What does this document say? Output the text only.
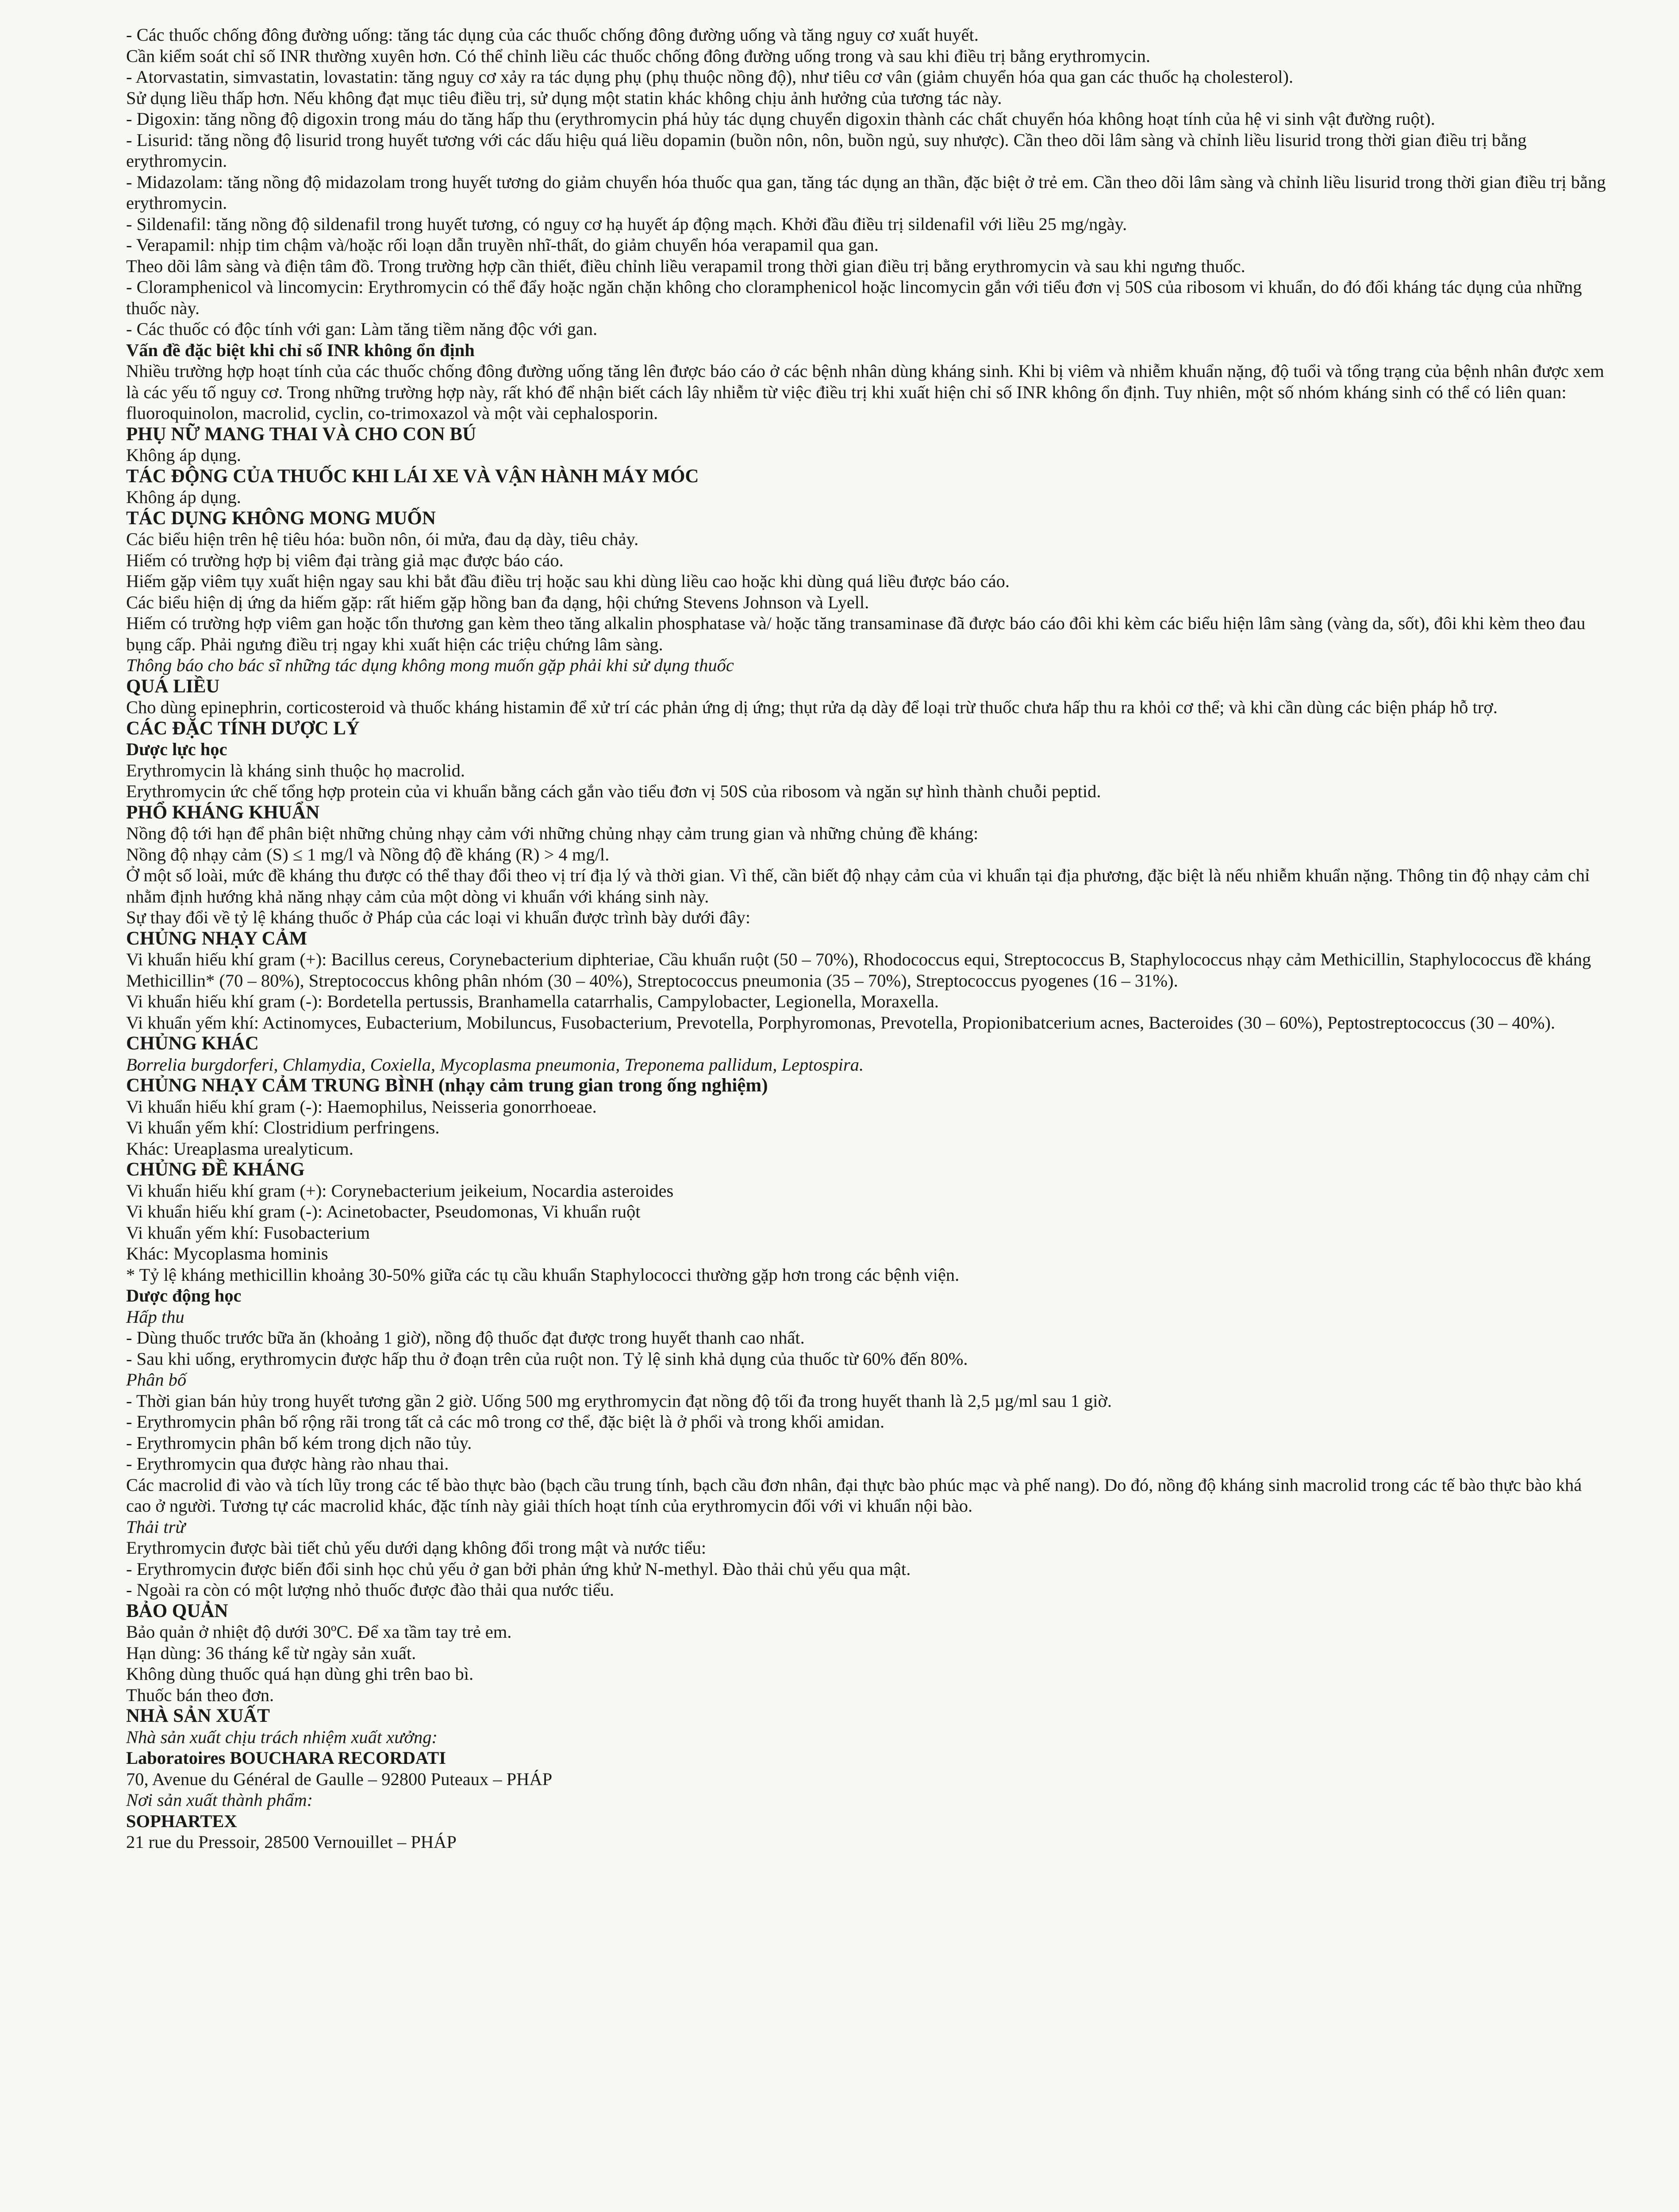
- Các thuốc chống đông đường uống: tăng tác dụng của các thuốc chống đông đường uống và tăng nguy cơ xuất huyết.

Cần kiểm soát chỉ số INR thường xuyên hơn. Có thể chỉnh liều các thuốc chống đông đường uống trong và sau khi điều trị bằng erythromycin.

- Atorvastatin, simvastatin, lovastatin: tăng nguy cơ xảy ra tác dụng phụ (phụ thuộc nồng độ), như tiêu cơ vân (giảm chuyển hóa qua gan các thuốc hạ cholesterol).

Sử dụng liều thấp hơn. Nếu không đạt mục tiêu điều trị, sử dụng một statin khác không chịu ảnh hưởng của tương tác này.

- Digoxin: tăng nồng độ digoxin trong máu do tăng hấp thu (erythromycin phá hủy tác dụng chuyển digoxin thành các chất chuyển hóa không hoạt tính của hệ vi sinh vật đường ruột).

- Lisurid: tăng nồng độ lisurid trong huyết tương với các dấu hiệu quá liều dopamin (buồn nôn, nôn, buồn ngủ, suy nhược). Cần theo dõi lâm sàng và chỉnh liều lisurid trong thời gian điều trị bằng erythromycin.

- Midazolam: tăng nồng độ midazolam trong huyết tương do giảm chuyển hóa thuốc qua gan, tăng tác dụng an thần, đặc biệt ở trẻ em. Cần theo dõi lâm sàng và chỉnh liều lisurid trong thời gian điều trị bằng erythromycin.

- Sildenafil: tăng nồng độ sildenafil trong huyết tương, có nguy cơ hạ huyết áp động mạch. Khởi đầu điều trị sildenafil với liều 25 mg/ngày.

- Verapamil: nhịp tim chậm và/hoặc rối loạn dẫn truyền nhĩ-thất, do giảm chuyển hóa verapamil qua gan.

Theo dõi lâm sàng và điện tâm đồ. Trong trường hợp cần thiết, điều chỉnh liều verapamil trong thời gian điều trị bằng erythromycin và sau khi ngưng thuốc.

- Cloramphenicol và lincomycin: Erythromycin có thể đẩy hoặc ngăn chặn không cho cloramphenicol hoặc lincomycin gắn với tiểu đơn vị 50S của ribosom vi khuẩn, do đó đối kháng tác dụng của những thuốc này.

- Các thuốc có độc tính với gan: Làm tăng tiềm năng độc với gan.

Vấn đề đặc biệt khi chỉ số INR không ổn định

Nhiều trường hợp hoạt tính của các thuốc chống đông đường uống tăng lên được báo cáo ở các bệnh nhân dùng kháng sinh. Khi bị viêm và nhiễm khuẩn nặng, độ tuổi và tổng trạng của bệnh nhân được xem là các yếu tố nguy cơ. Trong những trường hợp này, rất khó để nhận biết cách lây nhiễm từ việc điều trị khi xuất hiện chỉ số INR không ổn định. Tuy nhiên, một số nhóm kháng sinh có thể có liên quan: fluoroquinolon, macrolid, cyclin, co-trimoxazol và một vài cephalosporin.

PHỤ NỮ MANG THAI VÀ CHO CON BÚ

Không áp dụng.

TÁC ĐỘNG CỦA THUỐC KHI LÁI XE VÀ VẬN HÀNH MÁY MÓC

Không áp dụng.

TÁC DỤNG KHÔNG MONG MUỐN

Các biểu hiện trên hệ tiêu hóa: buồn nôn, ói mửa, đau dạ dày, tiêu chảy.

Hiếm có trường hợp bị viêm đại tràng giả mạc được báo cáo.

Hiếm gặp viêm tụy xuất hiện ngay sau khi bắt đầu điều trị hoặc sau khi dùng liều cao hoặc khi dùng quá liều được báo cáo.

Các biểu hiện dị ứng da hiếm gặp: rất hiếm gặp hồng ban đa dạng, hội chứng Stevens Johnson và Lyell.

Hiếm có trường hợp viêm gan hoặc tổn thương gan kèm theo tăng alkalin phosphatase và/ hoặc tăng transaminase đã được báo cáo đôi khi kèm các biểu hiện lâm sàng (vàng da, sốt), đôi khi kèm theo đau bụng cấp. Phải ngưng điều trị ngay khi xuất hiện các triệu chứng lâm sàng.

Thông báo cho bác sĩ những tác dụng không mong muốn gặp phải khi sử dụng thuốc

QUÁ LIỀU

Cho dùng epinephrin, corticosteroid và thuốc kháng histamin để xử trí các phản ứng dị ứng; thụt rửa dạ dày để loại trừ thuốc chưa hấp thu ra khỏi cơ thể; và khi cần dùng các biện pháp hỗ trợ.

CÁC ĐẶC TÍNH DƯỢC LÝ

Dược lực học

Erythromycin là kháng sinh thuộc họ macrolid.

Erythromycin ức chế tổng hợp protein của vi khuẩn bằng cách gắn vào tiểu đơn vị 50S của ribosom và ngăn sự hình thành chuỗi peptid.

PHỔ KHÁNG KHUẨN

Nồng độ tới hạn để phân biệt những chủng nhạy cảm với những chủng nhạy cảm trung gian và những chủng đề kháng:

Nồng độ nhạy cảm (S) ≤ 1 mg/l và Nồng độ đề kháng (R) > 4 mg/l.

Ở một số loài, mức đề kháng thu được có thể thay đổi theo vị trí địa lý và thời gian. Vì thế, cần biết độ nhạy cảm của vi khuẩn tại địa phương, đặc biệt là nếu nhiễm khuẩn nặng. Thông tin độ nhạy cảm chỉ nhằm định hướng khả năng nhạy cảm của một dòng vi khuẩn với kháng sinh này.

Sự thay đổi về tỷ lệ kháng thuốc ở Pháp của các loại vi khuẩn được trình bày dưới đây:

CHỦNG NHẠY CẢM

Vi khuẩn hiếu khí gram (+): Bacillus cereus, Corynebacterium diphteriae, Cầu khuẩn ruột (50 – 70%), Rhodococcus equi, Streptococcus B, Staphylococcus nhạy cảm Methicillin, Staphylococcus đề kháng Methicillin* (70 – 80%), Streptococcus không phân nhóm (30 – 40%), Streptococcus pneumonia (35 – 70%), Streptococcus pyogenes (16 – 31%).

Vi khuẩn hiếu khí gram (-): Bordetella pertussis, Branhamella catarrhalis, Campylobacter, Legionella, Moraxella.

Vi khuẩn yếm khí: Actinomyces, Eubacterium, Mobiluncus, Fusobacterium, Prevotella, Porphyromonas, Prevotella, Propionibatcerium acnes, Bacteroides (30 – 60%), Peptostreptococcus (30 – 40%).

CHỦNG KHÁC

Borrelia burgdorferi, Chlamydia, Coxiella, Mycoplasma pneumonia, Treponema pallidum, Leptospira.

CHỦNG NHẠY CẢM TRUNG BÌNH (nhạy cảm trung gian trong ống nghiệm)

Vi khuẩn hiếu khí gram (-): Haemophilus, Neisseria gonorrhoeae.

Vi khuẩn yếm khí: Clostridium perfringens.

Khác: Ureaplasma urealyticum.

CHỦNG ĐỀ KHÁNG

Vi khuẩn hiếu khí gram (+): Corynebacterium jeikeium, Nocardia asteroides

Vi khuẩn hiếu khí gram (-): Acinetobacter, Pseudomonas, Vi khuẩn ruột

Vi khuẩn yếm khí: Fusobacterium

Khác: Mycoplasma hominis

* Tỷ lệ kháng methicillin khoảng 30-50% giữa các tụ cầu khuẩn Staphylococci thường gặp hơn trong các bệnh viện.

Dược động học

Hấp thu

- Dùng thuốc trước bữa ăn (khoảng 1 giờ), nồng độ thuốc đạt được trong huyết thanh cao nhất.

- Sau khi uống, erythromycin được hấp thu ở đoạn trên của ruột non. Tỷ lệ sinh khả dụng của thuốc từ 60% đến 80%.

Phân bố

- Thời gian bán hủy trong huyết tương gần 2 giờ. Uống 500 mg erythromycin đạt nồng độ tối đa trong huyết thanh là 2,5 µg/ml sau 1 giờ.

- Erythromycin phân bố rộng rãi trong tất cả các mô trong cơ thể, đặc biệt là ở phổi và trong khối amidan.

- Erythromycin phân bố kém trong dịch não tủy.

- Erythromycin qua được hàng rào nhau thai.

Các macrolid đi vào và tích lũy trong các tế bào thực bào (bạch cầu trung tính, bạch cầu đơn nhân, đại thực bào phúc mạc và phế nang). Do đó, nồng độ kháng sinh macrolid trong các tế bào thực bào khá cao ở người. Tương tự các macrolid khác, đặc tính này giải thích hoạt tính của erythromycin đối với vi khuẩn nội bào.

Thải trừ

Erythromycin được bài tiết chủ yếu dưới dạng không đổi trong mật và nước tiểu:

- Erythromycin được biến đổi sinh học chủ yếu ở gan bởi phản ứng khử N-methyl. Đào thải chủ yếu qua mật.

- Ngoài ra còn có một lượng nhỏ thuốc được đào thải qua nước tiểu.

BẢO QUẢN

Bảo quản ở nhiệt độ dưới 30ºC. Để xa tầm tay trẻ em.

Hạn dùng: 36 tháng kể từ ngày sản xuất.

Không dùng thuốc quá hạn dùng ghi trên bao bì.

Thuốc bán theo đơn.

NHÀ SẢN XUẤT

Nhà sản xuất chịu trách nhiệm xuất xưởng:

Laboratoires BOUCHARA RECORDATI

70, Avenue du Général de Gaulle – 92800 Puteaux – PHÁP

Nơi sản xuất thành phẩm:

SOPHARTEX

21 rue du Pressoir, 28500 Vernouillet – PHÁP
